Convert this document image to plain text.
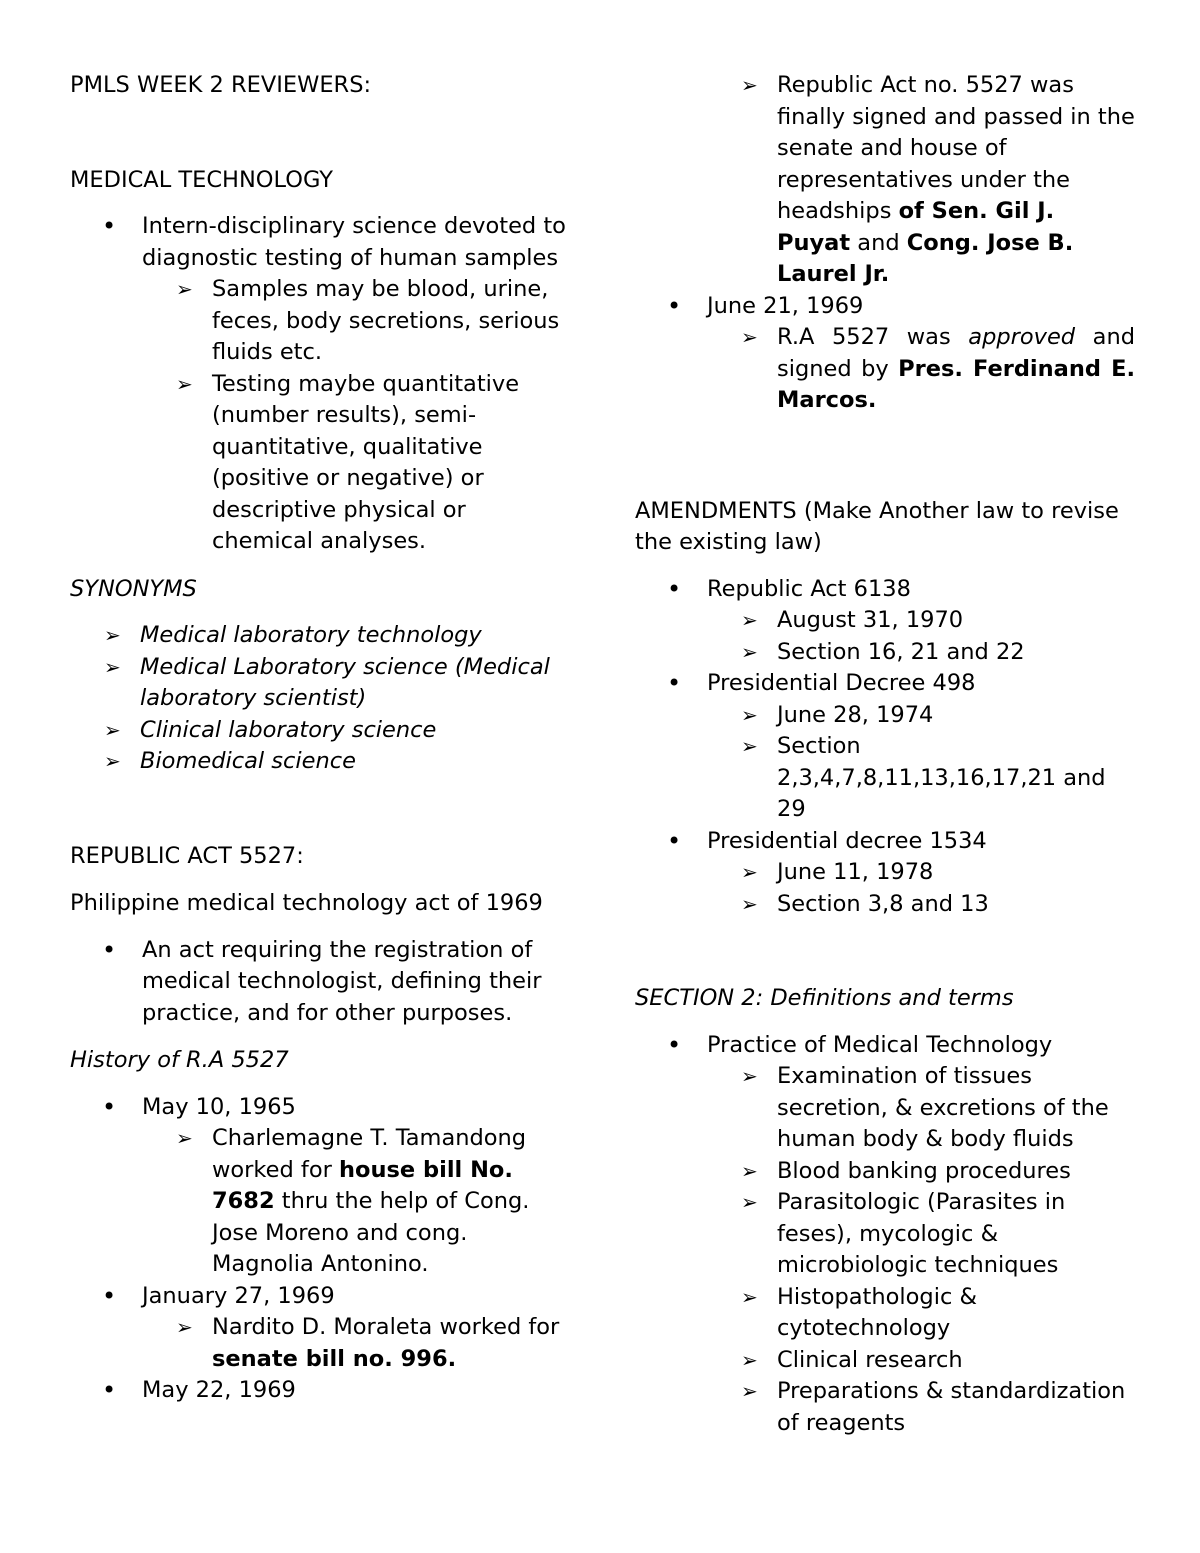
PMLS WEEK 2 REVIEWERS:

MEDICAL TECHNOLOGY

• Intern-disciplinary science devoted to diagnostic testing of human samples
➢ Samples may be blood, urine, feces, body secretions, serious fluids etc.
➢ Testing maybe quantitative (number results), semi-quantitative, qualitative (positive or negative) or descriptive physical or chemical analyses.

SYNONYMS

➢ Medical laboratory technology
➢ Medical Laboratory science (Medical laboratory scientist)
➢ Clinical laboratory science
➢ Biomedical science

REPUBLIC ACT 5527:

Philippine medical technology act of 1969

• An act requiring the registration of medical technologist, defining their practice, and for other purposes.

History of R.A 5527

• May 10, 1965
➢ Charlemagne T. Tamandong worked for house bill No. 7682 thru the help of Cong. Jose Moreno and cong. Magnolia Antonino.
• January 27, 1969
➢ Nardito D. Moraleta worked for senate bill no. 996.
• May 22, 1969
➢ Republic Act no. 5527 was finally signed and passed in the senate and house of representatives under the headships of Sen. Gil J. Puyat and Cong. Jose B. Laurel Jr.
• June 21, 1969
➢ R.A 5527 was approved and signed by Pres. Ferdinand E. Marcos.

AMENDMENTS (Make Another law to revise the existing law)

• Republic Act 6138
➢ August 31, 1970
➢ Section 16, 21 and 22
• Presidential Decree 498
➢ June 28, 1974
➢ Section 2,3,4,7,8,11,13,16,17,21 and 29
• Presidential decree 1534
➢ June 11, 1978
➢ Section 3,8 and 13

SECTION 2: Definitions and terms

• Practice of Medical Technology
➢ Examination of tissues secretion, & excretions of the human body & body fluids
➢ Blood banking procedures
➢ Parasitologic (Parasites in feses), mycologic & microbiologic techniques
➢ Histopathologic & cytotechnology
➢ Clinical research
➢ Preparations & standardization of reagents
